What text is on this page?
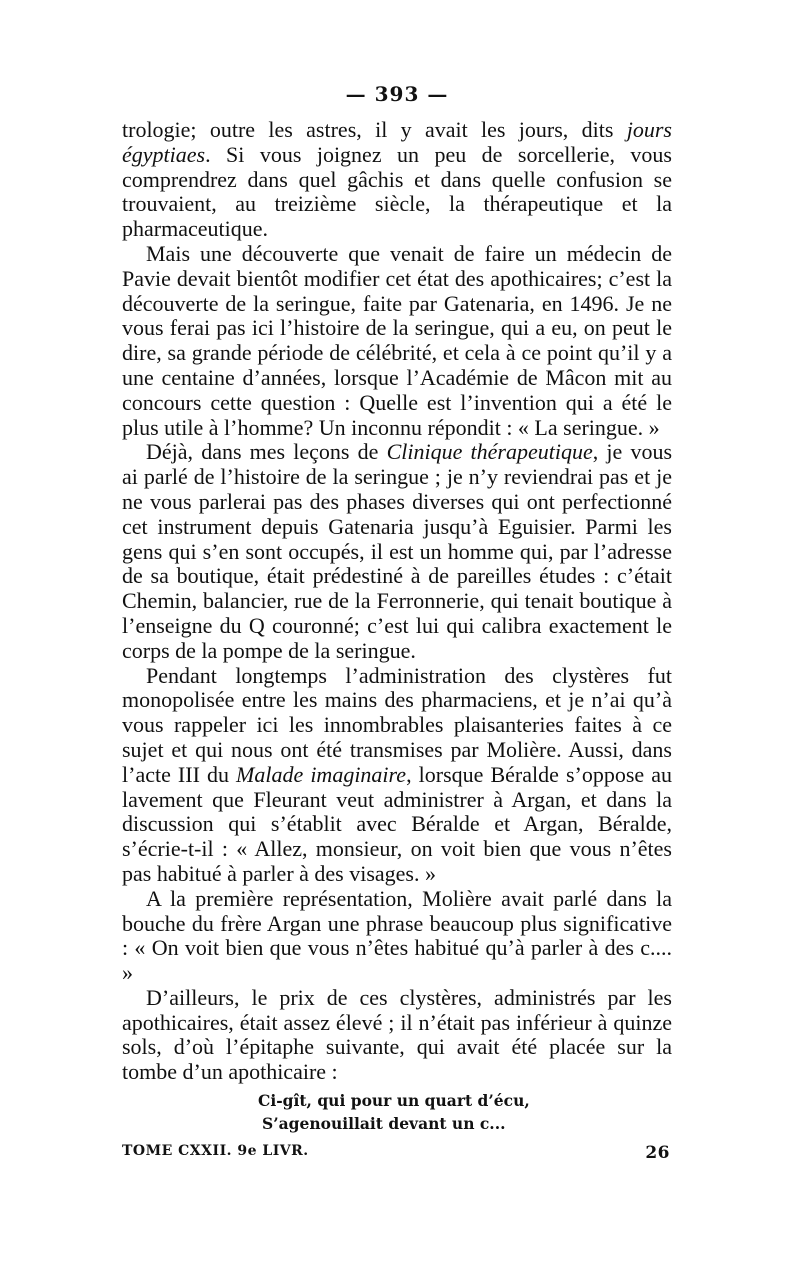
— 393 —

trologie; outre les astres, il y avait les jours, dits jours égyptiaes. Si vous joignez un peu de sorcellerie, vous comprendrez dans quel gâchis et dans quelle confusion se trouvaient, au treizième siècle, la thérapeutique et la pharmaceutique.

Mais une découverte que venait de faire un médecin de Pavie devait bientôt modifier cet état des apothicaires; c’est la découverte de la seringue, faite par Gatenaria, en 1496. Je ne vous ferai pas ici l’histoire de la seringue, qui a eu, on peut le dire, sa grande période de célébrité, et cela à ce point qu’il y a une centaine d’années, lorsque l’Académie de Mâcon mit au concours cette question : Quelle est l’invention qui a été le plus utile à l’homme? Un inconnu répondit : « La seringue. »

Déjà, dans mes leçons de Clinique thérapeutique, je vous ai parlé de l’histoire de la seringue ; je n’y reviendrai pas et je ne vous parlerai pas des phases diverses qui ont perfectionné cet instrument depuis Gatenaria jusqu’à Eguisier. Parmi les gens qui s’en sont occupés, il est un homme qui, par l’adresse de sa boutique, était prédestiné à de pareilles études : c’était Chemin, balancier, rue de la Ferronnerie, qui tenait boutique à l’enseigne du Q couronné; c’est lui qui calibra exactement le corps de la pompe de la seringue.

Pendant longtemps l’administration des clystères fut monopolisée entre les mains des pharmaciens, et je n’ai qu’à vous rappeler ici les innombrables plaisanteries faites à ce sujet et qui nous ont été transmises par Molière. Aussi, dans l’acte III du Malade imaginaire, lorsque Béralde s’oppose au lavement que Fleurant veut administrer à Argan, et dans la discussion qui s’établit avec Béralde et Argan, Béralde, s’écrie-t-il : « Allez, monsieur, on voit bien que vous n’êtes pas habitué à parler à des visages. »

A la première représentation, Molière avait parlé dans la bouche du frère Argan une phrase beaucoup plus significative : « On voit bien que vous n’êtes habitué qu’à parler à des c.... »

D’ailleurs, le prix de ces clystères, administrés par les apothicaires, était assez élevé ; il n’était pas inférieur à quinze sols, d’où l’épitaphe suivante, qui avait été placée sur la tombe d’un apothicaire :

Ci-gît, qui pour un quart d’écu,
S’agenouillait devant un c...
TOME CXXII. 9e LIVR.	26
